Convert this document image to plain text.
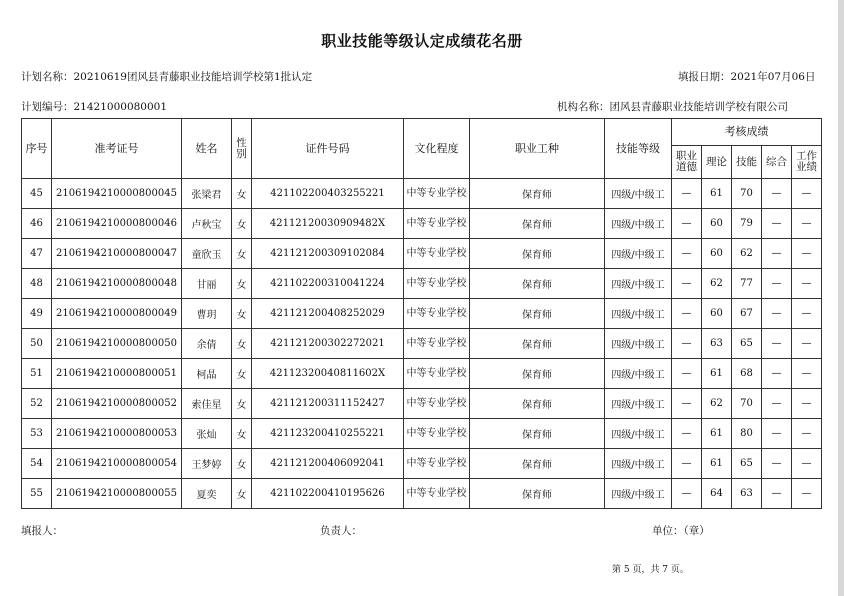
职业技能等级认定成绩花名册
计划名称：20210619团风县青藤职业技能培训学校第1批认定	填报日期：2021年07月06日
计划编号：21421000080001	机构名称：团风县青藤职业技能培训学校有限公司
序号	准考证号	姓名	性别	证件号码	文化程度	职业工种	技能等级	考核成绩				
								职业道德	理论	技能	综合	工作业绩
45	2106194210000800045	张梁君	女	421102200403255221	中等专业学校	保育师	四级/中级工	—	61	70	—	—
46	2106194210000800046	卢秋宝	女	42112120030909482X	中等专业学校	保育师	四级/中级工	—	60	79	—	—
47	2106194210000800047	童欣玉	女	421121200309102084	中等专业学校	保育师	四级/中级工	—	60	62	—	—
48	2106194210000800048	甘丽	女	421102200310041224	中等专业学校	保育师	四级/中级工	—	62	77	—	—
49	2106194210000800049	曹玥	女	421121200408252029	中等专业学校	保育师	四级/中级工	—	60	67	—	—
50	2106194210000800050	余倩	女	421121200302272021	中等专业学校	保育师	四级/中级工	—	63	65	—	—
51	2106194210000800051	柯晶	女	42112320040811602X	中等专业学校	保育师	四级/中级工	—	61	68	—	—
52	2106194210000800052	索佳星	女	421121200311152427	中等专业学校	保育师	四级/中级工	—	62	70	—	—
53	2106194210000800053	张灿	女	421123200410255221	中等专业学校	保育师	四级/中级工	—	61	80	—	—
54	2106194210000800054	王梦婷	女	421121200406092041	中等专业学校	保育师	四级/中级工	—	61	65	—	—
55	2106194210000800055	夏奕	女	421102200410195626	中等专业学校	保育师	四级/中级工	—	64	63	—	—
填报人：	负责人：	单位：（章）
第 5 页，共 7 页。
